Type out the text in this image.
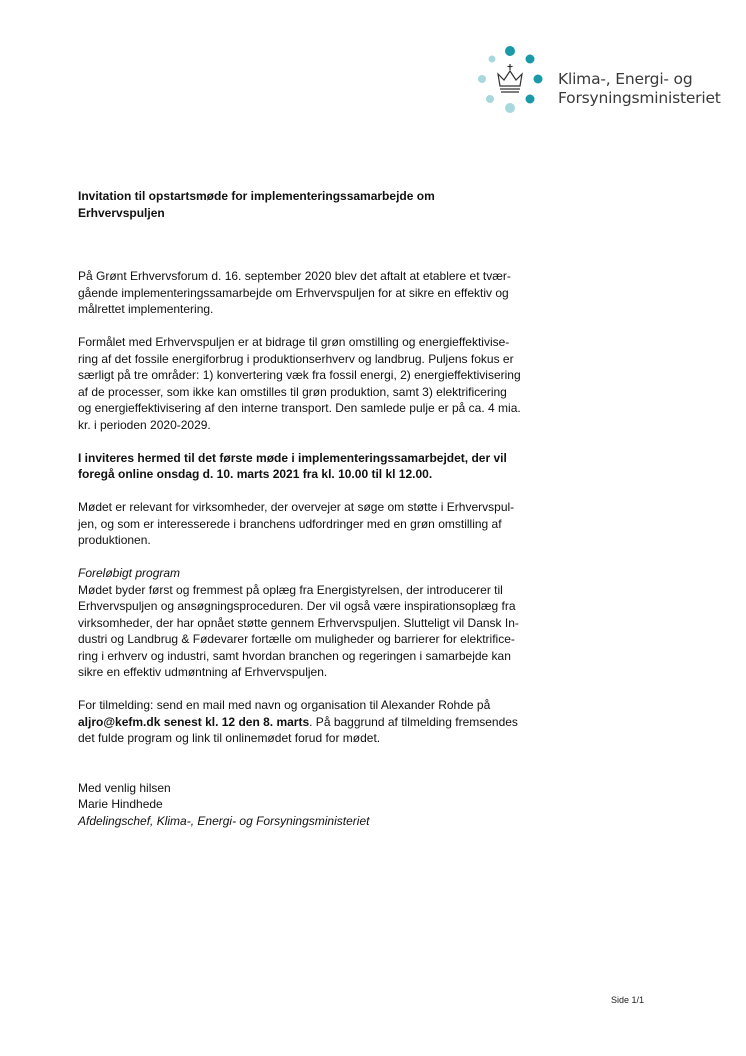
Klima-, Energi- og
Forsyningsministeriet
Invitation til opstartsmøde for implementeringssamarbejde om
Erhvervspuljen

På Grønt Erhvervsforum d. 16. september 2020 blev det aftalt at etablere et tvær-
gående implementeringssamarbejde om Erhvervspuljen for at sikre en effektiv og
målrettet implementering.

Formålet med Erhvervspuljen er at bidrage til grøn omstilling og energieffektivise-
ring af det fossile energiforbrug i produktionserhverv og landbrug. Puljens fokus er
særligt på tre områder: 1) konvertering væk fra fossil energi, 2) energieffektivisering
af de processer, som ikke kan omstilles til grøn produktion, samt 3) elektrificering
og energieffektivisering af den interne transport. Den samlede pulje er på ca. 4 mia.
kr. i perioden 2020-2029.

I inviteres hermed til det første møde i implementeringssamarbejdet, der vil
foregå online onsdag d. 10. marts 2021 fra kl. 10.00 til kl 12.00.

Mødet er relevant for virksomheder, der overvejer at søge om støtte i Erhvervspul-
jen, og som er interesserede i branchens udfordringer med en grøn omstilling af
produktionen.

Foreløbigt program
Mødet byder først og fremmest på oplæg fra Energistyrelsen, der introducerer til
Erhvervspuljen og ansøgningsproceduren. Der vil også være inspirationsoplæg fra
virksomheder, der har opnået støtte gennem Erhvervspuljen. Slutteligt vil Dansk In-
dustri og Landbrug & Fødevarer fortælle om muligheder og barrierer for elektrifice-
ring i erhverv og industri, samt hvordan branchen og regeringen i samarbejde kan
sikre en effektiv udmøntning af Erhvervspuljen.

For tilmelding: send en mail med navn og organisation til Alexander Rohde på
aljro@kefm.dk senest kl. 12 den 8. marts. På baggrund af tilmelding fremsendes
det fulde program og link til onlinemødet forud for mødet.

Med venlig hilsen
Marie Hindhede
Afdelingschef, Klima-, Energi- og Forsyningsministeriet

Side 1/1
